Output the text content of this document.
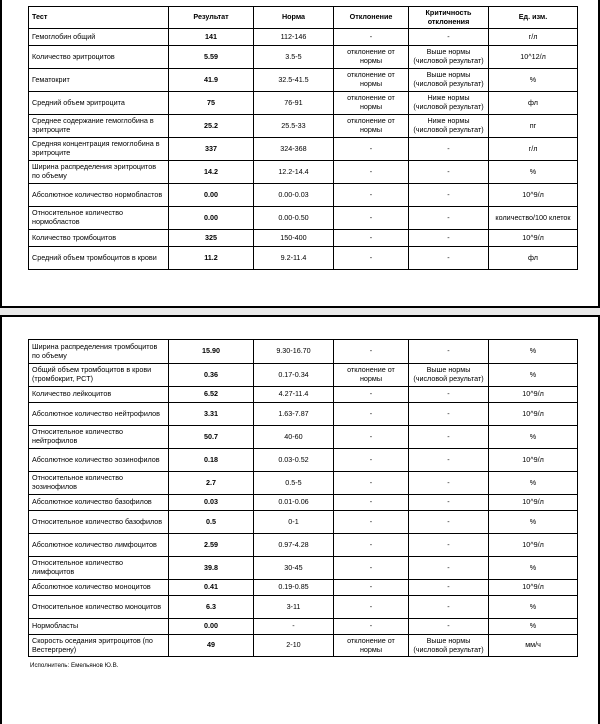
Тест	Результат	Норма	Отклонение	Критичность отклонения	Ед. изм.
Гемоглобин общий	141	112-146	-	-	г/л
Количество эритроцитов	5.59	3.5-5	отклонение от нормы	Выше нормы (числовой результат)	10^12/л
Гематокрит	41.9	32.5-41.5	отклонение от нормы	Выше нормы (числовой результат)	%
Средний объем эритроцита	75	76-91	отклонение от нормы	Ниже нормы (числовой результат)	фл
Среднее содержание гемоглобина в эритроците	25.2	25.5-33	отклонение от нормы	Ниже нормы (числовой результат)	пг
Средняя концентрация гемоглобина в эритроците	337	324-368	-	-	г/л
Ширина распределения эритроцитов по объему	14.2	12.2-14.4	-	-	%
Абсолютное количество нормобластов	0.00	0.00-0.03	-	-	10^9/л
Относительное количество нормобластов	0.00	0.00-0.50	-	-	количество/100 клеток
Количество тромбоцитов	325	150-400	-	-	10^9/л
Средний объем тромбоцитов в крови	11.2	9.2-11.4	-	-	фл
Ширина распределения тромбоцитов по объему	15.90	9.30-16.70	-	-	%
Общий объем тромбоцитов в крови (тромбокрит, PCT)	0.36	0.17-0.34	отклонение от нормы	Выше нормы (числовой результат)	%
Количество лейкоцитов	6.52	4.27-11.4	-	-	10^9/л
Абсолютное количество нейтрофилов	3.31	1.63-7.87	-	-	10^9/л
Относительное количество нейтрофилов	50.7	40-60	-	-	%
Абсолютное количество эозинофилов	0.18	0.03-0.52	-	-	10^9/л
Относительное количество эозинофилов	2.7	0.5-5	-	-	%
Абсолютное количество базофилов	0.03	0.01-0.06	-	-	10^9/л
Относительное количество базофилов	0.5	0-1	-	-	%
Абсолютное количество лимфоцитов	2.59	0.97-4.28	-	-	10^9/л
Относительное количество лимфоцитов	39.8	30-45	-	-	%
Абсолютное количество моноцитов	0.41	0.19-0.85	-	-	10^9/л
Относительное количество моноцитов	6.3	3-11	-	-	%
Нормобласты	0.00	-	-	-	%
Скорость оседания эритроцитов (по Вестергрену)	49	2-10	отклонение от нормы	Выше нормы (числовой результат)	мм/ч
Исполнитель: Емельянов Ю.В.
